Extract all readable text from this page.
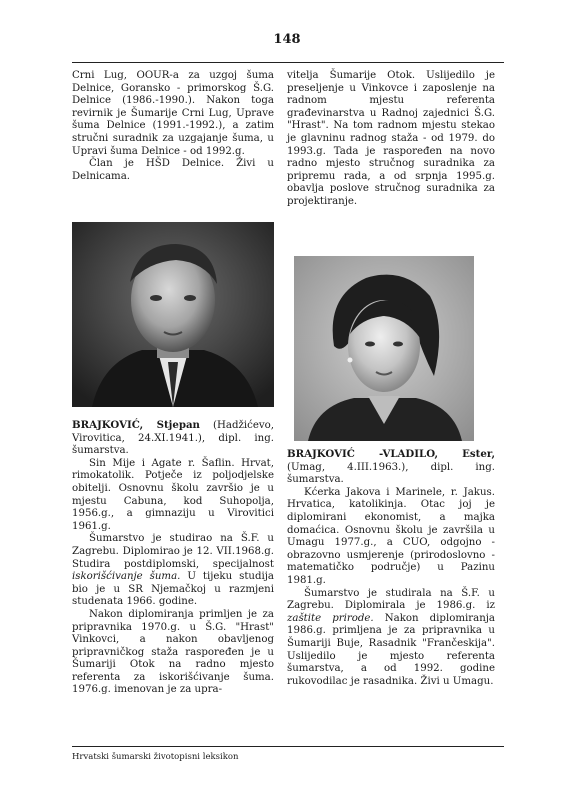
148

Crni Lug, OOUR-a za uzgoj šuma Delnice, Goransko - primorskog Š.G. Delnice (1986.-1990.). Nakon toga revirnik je Šumarije Crni Lug, Uprave šuma Delnice (1991.-1992.), a zatim stručni suradnik za uzgajanje šuma, u Upravi šuma Delnice - od 1992.g.

Član je HŠD Delnice. Živi u Delnicama.

BRAJKOVIĆ, Stjepan (Hadžićevo, Virovitica, 24.XI.1941.), dipl. ing. šumarstva.

Sin Mije i Agate r. Šaflin. Hrvat, rimokatolik. Potječe iz poljodjelske obitelji. Osnovnu školu završio je u mjestu Cabuna, kod Suhopolja, 1956.g., a gimnaziju u Virovitici 1961.g.

Šumarstvo je studirao na Š.F. u Zagrebu. Diplomirao je 12. VII.1968.g. Studira postdiplomski, specijalnost iskorišćivanje šuma. U tijeku studija bio je u SR Njemačkoj u razmjeni studenata 1966. godine.

Nakon diplomiranja primljen je za pripravnika 1970.g. u Š.G. "Hrast" Vinkovci, a nakon obavljenog pripravničkog staža raspoređen je u Šumariji Otok na radno mjesto referenta za iskorišćivanje šuma. 1976.g. imenovan je za upra-

vitelja Šumarije Otok. Uslijedilo je preseljenje u Vinkovce i zaposlenje na radnom mjestu referenta građevinarstva u Radnoj zajednici Š.G. "Hrast". Na tom radnom mjestu stekao je glavninu radnog staža - od 1979. do 1993.g. Tada je raspoređen na novo radno mjesto stručnog suradnika za pripremu rada, a od srpnja 1995.g. obavlja poslove stručnog suradnika za projektiranje.

BRAJKOVIĆ -VLADILO, Ester, (Umag, 4.III.1963.), dipl. ing. šumarstva.

Kćerka Jakova i Marinele, r. Jakus. Hrvatica, katolikinja. Otac joj je diplomirani ekonomist, a majka domaćica. Osnovnu školu je završila u Umagu 1977.g., a CUO, odgojno - obrazovno usmjerenje (prirodoslovno - matematičko područje) u Pazinu 1981.g.

Šumarstvo je studirala na Š.F. u Zagrebu. Diplomirala je 1986.g. iz zaštite prirode. Nakon diplomiranja 1986.g. primljena je za pripravnika u Šumariji Buje, Rasadnik "Frančeskija". Uslijedilo je mjesto referenta šumarstva, a od 1992. godine rukovodilac je rasadnika. Živi u Umagu.

Hrvatski šumarski životopisni leksikon
